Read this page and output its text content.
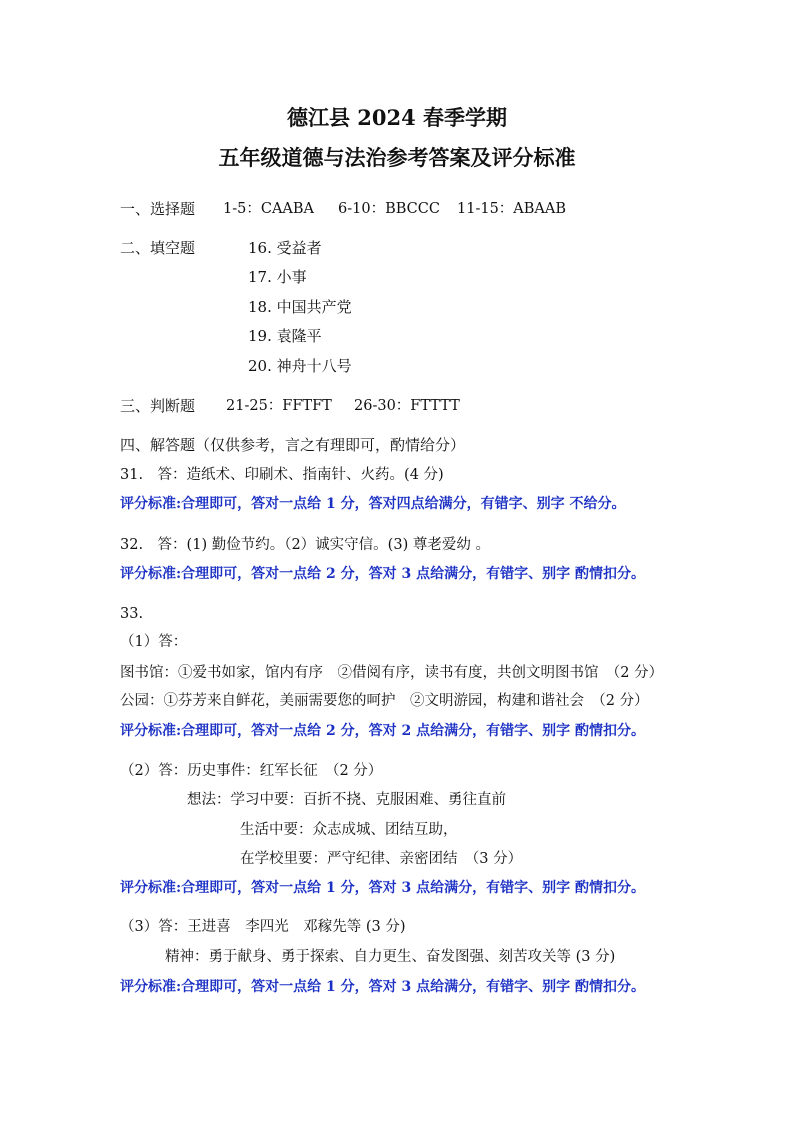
德江县 2024 春季学期
五年级道德与法治参考答案及评分标准
一、选择题 1-5：CAABA 6-10：BBCCC 11-15：ABAAB
二、填空题	16. 受益者
17. 小事
18. 中国共产党
19. 袁隆平
20. 神舟十八号
三、判断题 21-25：FFTFT 26-30：FTTTT
四、解答题（仅供参考，言之有理即可，酌情给分）
31.　答：造纸术、印刷术、指南针、火药。(4 分)
评分标准:合理即可，答对一点给 1 分，答对四点给满分，有错字、别字 不给分。
32.　答：(1) 勤俭节约。（2）诚实守信。(3) 尊老爱幼 。
评分标准:合理即可，答对一点给 2 分，答对 3 点给满分，有错字、别字 酌情扣分。
33.
（1）答：
图书馆：①爱书如家，馆内有序　②借阅有序，读书有度，共创文明图书馆　（2 分）
公园：①芬芳来自鲜花，美丽需要您的呵护　②文明游园，构建和谐社会　（2 分）
评分标准:合理即可，答对一点给 2 分，答对 2 点给满分，有错字、别字 酌情扣分。
（2）答：历史事件：红军长征　（2 分）
想法：学习中要：百折不挠、克服困难、勇往直前
生活中要：众志成城、团结互助，
在学校里要：严守纪律、亲密团结　（3 分）
评分标准:合理即可，答对一点给 1 分，答对 3 点给满分，有错字、别字 酌情扣分。
（3）答：王进喜　李四光　邓稼先等 (3 分)
精神：勇于献身、勇于探索、自力更生、奋发图强、刻苦攻关等 (3 分)
评分标准:合理即可，答对一点给 1 分，答对 3 点给满分，有错字、别字 酌情扣分。
